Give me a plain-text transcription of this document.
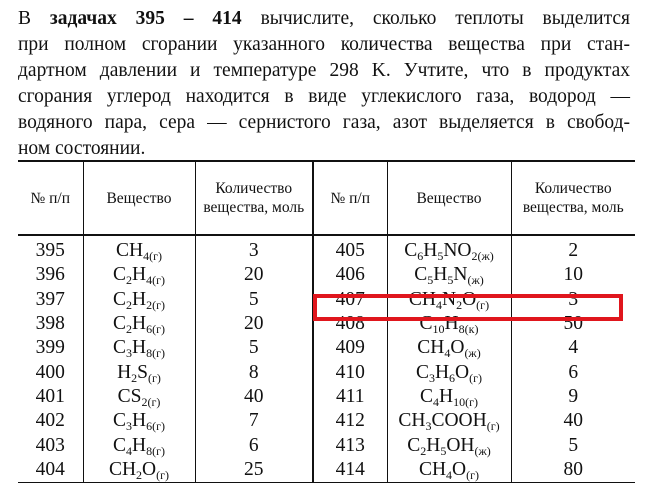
В задачах 395 – 414 вычислите, сколько теплоты выделится
при полном сгорании указанного количества вещества при стан-
дартном давлении и температуре 298 K. Учтите, что в продуктах
сгорания углерод находится в виде углекислого газа, водород —
водяного пара, сера — сернистого газа, азот выделяется в свобод-
ном состоянии.
№ п/п	Вещество	Количество вещества, моль	№ п/п	Вещество	Количество вещества, моль
395	$CH_{4(г)}$	3	405	$C_6H_5NO_{2(ж)}$	2
396	$C_2H_{4(г)}$	20	406	$C_5H_5N_{(ж)}$	10
397	$C_2H_{2(г)}$	5	407	$CH_4N_2O_{(г)}$	3
398	$C_2H_{6(г)}$	20	408	$C_{10}H_{8(к)}$	50
399	$C_3H_{8(г)}$	5	409	$CH_4O_{(ж)}$	4
400	$H_2S_{(г)}$	8	410	$C_3H_6O_{(г)}$	6
401	$CS_{2(г)}$	40	411	$C_4H_{10(г)}$	9
402	$C_3H_{6(г)}$	7	412	$CH_3COOH_{(г)}$	40
403	$C_4H_{8(г)}$	6	413	$C_2H_5OH_{(ж)}$	5
404	$CH_2O_{(г)}$	25	414	$CH_4O_{(г)}$	80
